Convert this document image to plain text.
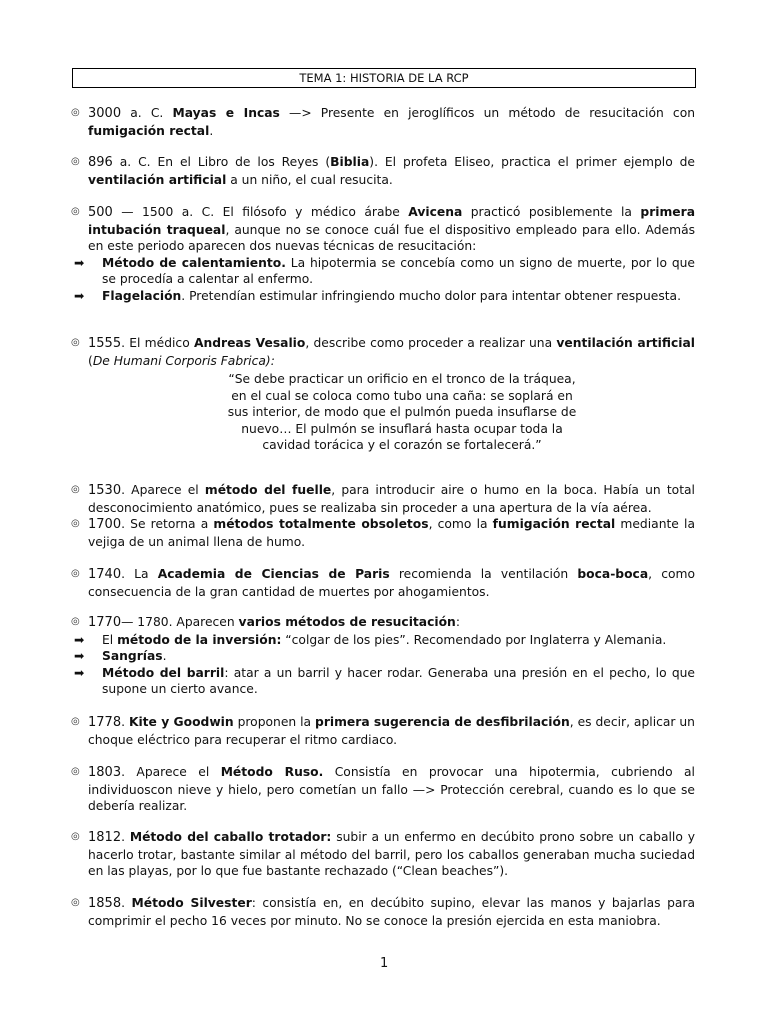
TEMA 1: HISTORIA DE LA RCP
◎ 3000 a. C. Mayas e Incas —> Presente en jeroglíficos un método de resucitación con fumigación rectal.
◎ 896 a. C. En el Libro de los Reyes (Biblia). El profeta Eliseo, practica el primer ejemplo de ventilación artificial a un niño, el cual resucita.
◎ 500 — 1500 a. C. El filósofo y médico árabe Avicena practicó posiblemente la primera intubación traqueal, aunque no se conoce cuál fue el dispositivo empleado para ello. Además en este periodo aparecen dos nuevas técnicas de resucitación:
➡ Método de calentamiento. La hipotermia se concebía como un signo de muerte, por lo que se procedía a calentar al enfermo.
➡ Flagelación. Pretendían estimular infringiendo mucho dolor para intentar obtener respuesta.
◎ 1555. El médico Andreas Vesalio, describe como proceder a realizar una ventilación artificial (De Humani Corporis Fabrica):
“Se debe practicar un orificio en el tronco de la tráquea, en el cual se coloca como tubo una caña: se soplará en sus interior, de modo que el pulmón pueda insuflarse de nuevo… El pulmón se insuflará hasta ocupar toda la cavidad torácica y el corazón se fortalecerá.”
◎ 1530. Aparece el método del fuelle, para introducir aire o humo en la boca. Había un total desconocimiento anatómico, pues se realizaba sin proceder a una apertura de la vía aérea.
◎ 1700. Se retorna a métodos totalmente obsoletos, como la fumigación rectal mediante la vejiga de un animal llena de humo.
◎ 1740. La Academia de Ciencias de Paris recomienda la ventilación boca-boca, como consecuencia de la gran cantidad de muertes por ahogamientos.
◎ 1770— 1780. Aparecen varios métodos de resucitación:
➡ El método de la inversión: “colgar de los pies”. Recomendado por Inglaterra y Alemania.
➡ Sangrías.
➡ Método del barril: atar a un barril y hacer rodar. Generaba una presión en el pecho, lo que supone un cierto avance.
◎ 1778. Kite y Goodwin proponen la primera sugerencia de desfibrilación, es decir, aplicar un choque eléctrico para recuperar el ritmo cardiaco.
◎ 1803. Aparece el Método Ruso. Consistía en provocar una hipotermia, cubriendo al individuoscon nieve y hielo, pero cometían un fallo —> Protección cerebral, cuando es lo que se debería realizar.
◎ 1812. Método del caballo trotador: subir a un enfermo en decúbito prono sobre un caballo y hacerlo trotar, bastante similar al método del barril, pero los caballos generaban mucha suciedad en las playas, por lo que fue bastante rechazado (“Clean beaches”).
◎ 1858. Método Silvester: consistía en, en decúbito supino, elevar las manos y bajarlas para comprimir el pecho 16 veces por minuto. No se conoce la presión ejercida en esta maniobra.
1
